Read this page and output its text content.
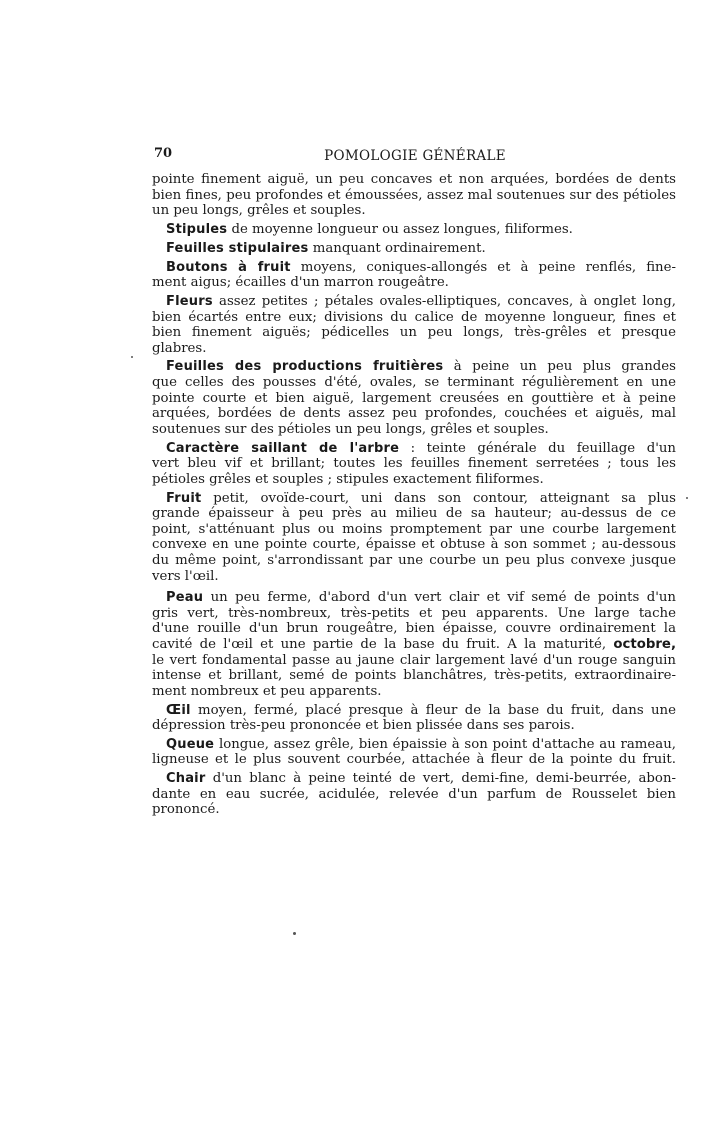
70	POMOLOGIE GÉNÉRALE
pointe finement aiguë, un peu concaves et non arquées, bordées de dents
bien fines, peu profondes et émoussées, assez mal soutenues sur des pétioles
un peu longs, grêles et souples.
Stipules de moyenne longueur ou assez longues, filiformes.
Feuilles stipulaires manquant ordinairement.
Boutons à fruit moyens, coniques-allongés et à peine renflés, fine-
ment aigus; écailles d'un marron rougeâtre.
Fleurs assez petites ; pétales ovales-elliptiques, concaves, à onglet long,
bien écartés entre eux; divisions du calice de moyenne longueur, fines et
bien finement aiguës; pédicelles un peu longs, très-grêles et presque
glabres.
Feuilles des productions fruitières à peine un peu plus grandes
que celles des pousses d'été, ovales, se terminant régulièrement en une
pointe courte et bien aiguë, largement creusées en gouttière et à peine
arquées, bordées de dents assez peu profondes, couchées et aiguës, mal
soutenues sur des pétioles un peu longs, grêles et souples.
Caractère saillant de l'arbre : teinte générale du feuillage d'un
vert bleu vif et brillant; toutes les feuilles finement serretées ; tous les
pétioles grêles et souples ; stipules exactement filiformes.
Fruit petit, ovoïde-court, uni dans son contour, atteignant sa plus
grande épaisseur à peu près au milieu de sa hauteur; au-dessus de ce
point, s'atténuant plus ou moins promptement par une courbe largement
convexe en une pointe courte, épaisse et obtuse à son sommet ; au-dessous
du même point, s'arrondissant par une courbe un peu plus convexe jusque
vers l'œil.
Peau un peu ferme, d'abord d'un vert clair et vif semé de points d'un
gris vert, très-nombreux, très-petits et peu apparents. Une large tache
d'une rouille d'un brun rougeâtre, bien épaisse, couvre ordinairement la
cavité de l'œil et une partie de la base du fruit. A la maturité, octobre,
le vert fondamental passe au jaune clair largement lavé d'un rouge sanguin
intense et brillant, semé de points blanchâtres, très-petits, extraordinaire-
ment nombreux et peu apparents.
Œil moyen, fermé, placé presque à fleur de la base du fruit, dans une
dépression très-peu prononcée et bien plissée dans ses parois.
Queue longue, assez grêle, bien épaissie à son point d'attache au rameau,
ligneuse et le plus souvent courbée, attachée à fleur de la pointe du fruit.
Chair d'un blanc à peine teinté de vert, demi-fine, demi-beurrée, abon-
dante en eau sucrée, acidulée, relevée d'un parfum de Rousselet bien
prononcé.
